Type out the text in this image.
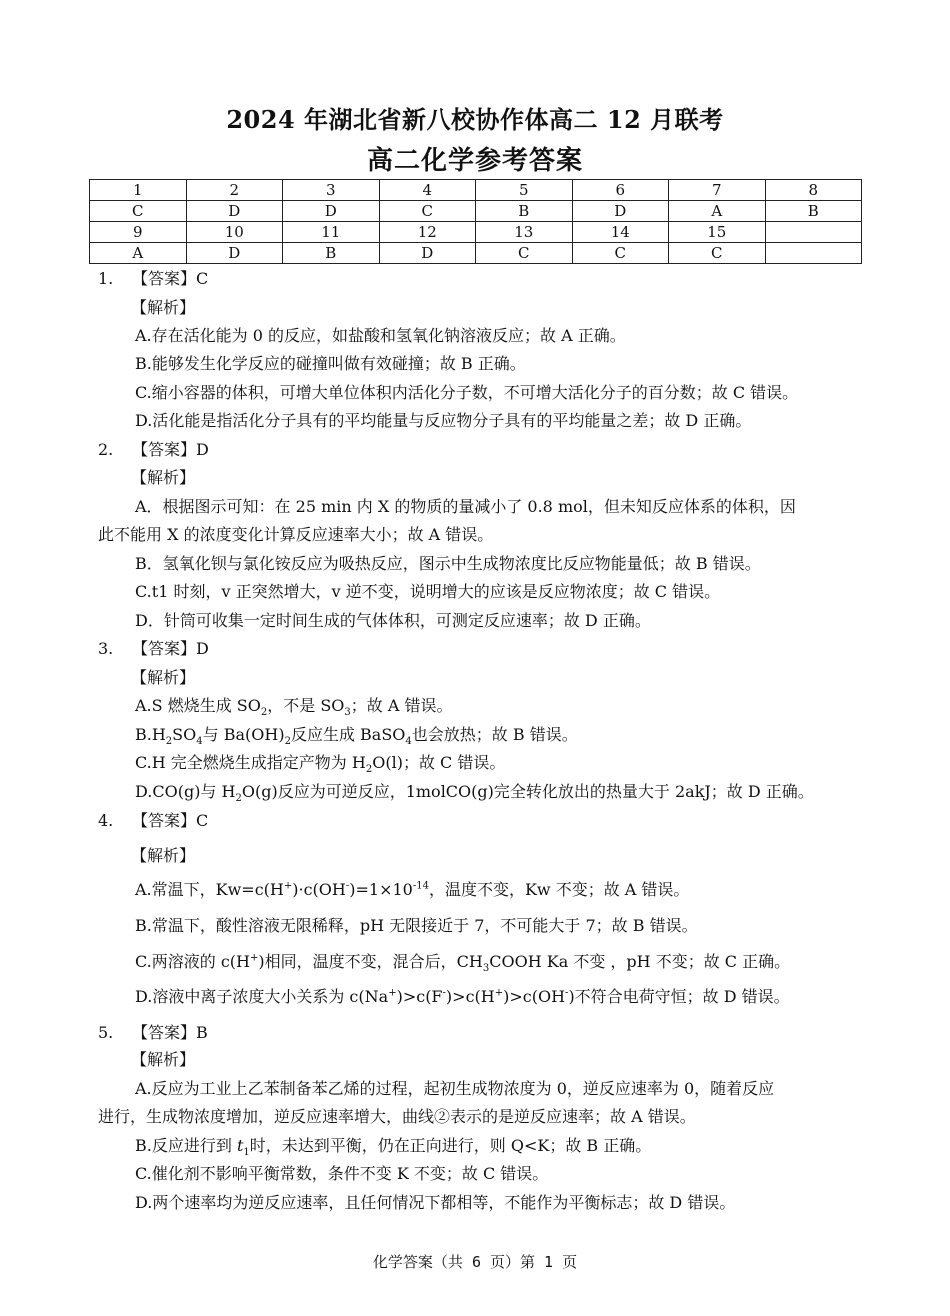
2024 年湖北省新八校协作体高二 12 月联考
高二化学参考答案
1	2	3	4	5	6	7	8
C	D	D	C	B	D	A	B
9	10	11	12	13	14	15	
A	D	B	D	C	C	C	
1. 【答案】C
【解析】
A.存在活化能为 0 的反应，如盐酸和氢氧化钠溶液反应；故 A 正确。
B.能够发生化学反应的碰撞叫做有效碰撞；故 B 正确。
C.缩小容器的体积，可增大单位体积内活化分子数，不可增大活化分子的百分数；故 C 错误。
D.活化能是指活化分子具有的平均能量与反应物分子具有的平均能量之差；故 D 正确。
2. 【答案】D
【解析】
A．根据图示可知：在 25 min 内 X 的物质的量减小了 0.8 mol，但未知反应体系的体积，因
此不能用 X 的浓度变化计算反应速率大小；故 A 错误。
B．氢氧化钡与氯化铵反应为吸热反应，图示中生成物浓度比反应物能量低；故 B 错误。
C.t1 时刻，v 正突然增大，v 逆不变，说明增大的应该是反应物浓度；故 C 错误。
D．针筒可收集一定时间生成的气体体积，可测定反应速率；故 D 正确。
3. 【答案】D
【解析】
A.S 燃烧生成 $SO_2$，不是 $SO_3$；故 A 错误。
$B.H_2SO_4$与 $Ba(OH)_2$反应生成 BaSO$_4$也会放热；故 B 错误。
C.H 完全燃烧生成指定产物为 $H_2O(l)$；故 C 错误。
D.CO(g)与 $H_2O(g)$反应为可逆反应，1molCO(g)完全转化放出的热量大于 2akJ；故 D 正确。
4. 【答案】C
【解析】
A.常温下，$Kw=c(H^+)\cdot c(OH^-)=1\times 10^{-14}$，温度不变，Kw 不变；故 A 错误。
B.常温下，酸性溶液无限稀释，pH 无限接近于 7，不可能大于 7；故 B 错误。
C.两溶液的 c(H+)相同，温度不变，混合后，$CH_3COOH$ Ka 不变 ，pH 不变；故 C 正确。
D.溶液中离子浓度大小关系为 c(Na+)>c(F-)>c(H+)>c(OH-)不符合电荷守恒；故 D 错误。
5. 【答案】B
【解析】
A.反应为工业上乙苯制备苯乙烯的过程，起初生成物浓度为 0，逆反应速率为 0，随着反应
进行，生成物浓度增加，逆反应速率增大，曲线②表示的是逆反应速率；故 A 错误。
B.反应进行到 $t_1$时，未达到平衡，仍在正向进行，则 Q<K；故 B 正确。
C.催化剂不影响平衡常数，条件不变 K 不变；故 C 错误。
D.两个速率均为逆反应速率，且任何情况下都相等，不能作为平衡标志；故 D 错误。
化学答案（共 6 页）第 1 页
